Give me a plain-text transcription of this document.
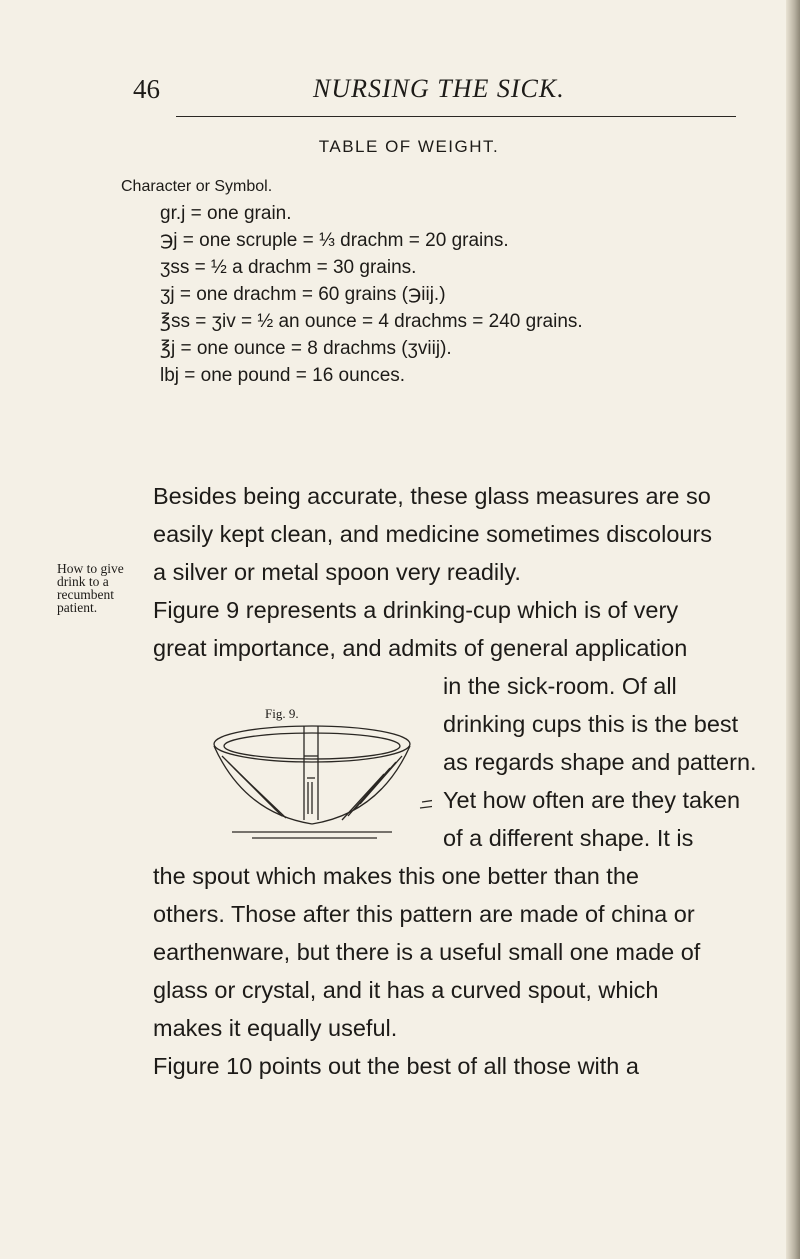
46	NURSING THE SICK.
TABLE OF WEIGHT.
Character or Symbol.
gr.j = one grain.
℈j = one scruple = ⅓ drachm = 20 grains.
ʒss = ½ a drachm = 30 grains.
ʒj = one drachm = 60 grains (℈iij.)
℥ss = ʒiv = ½ an ounce = 4 drachms = 240 grains.
℥j = one ounce = 8 drachms (ʒviij).
lbj = one pound = 16 ounces.
Besides being accurate, these glass measures are so
easily kept clean, and medicine sometimes discolours
a silver or metal spoon very readily.
How to give
drink to a
recumbent
patient.	Figure 9 represents a drinking-cup which is of very
great importance, and admits of general application
in the sick-room. Of all
drinking cups this is the best
as regards shape and pattern.
Yet how often are they taken
of a different shape. It is
the spout which makes this one better than the
others. Those after this pattern are made of china or
earthenware, but there is a useful small one made of
glass or crystal, and it has a curved spout, which
makes it equally useful.
Figure 10 points out the best of all those with a
Fig. 9.
